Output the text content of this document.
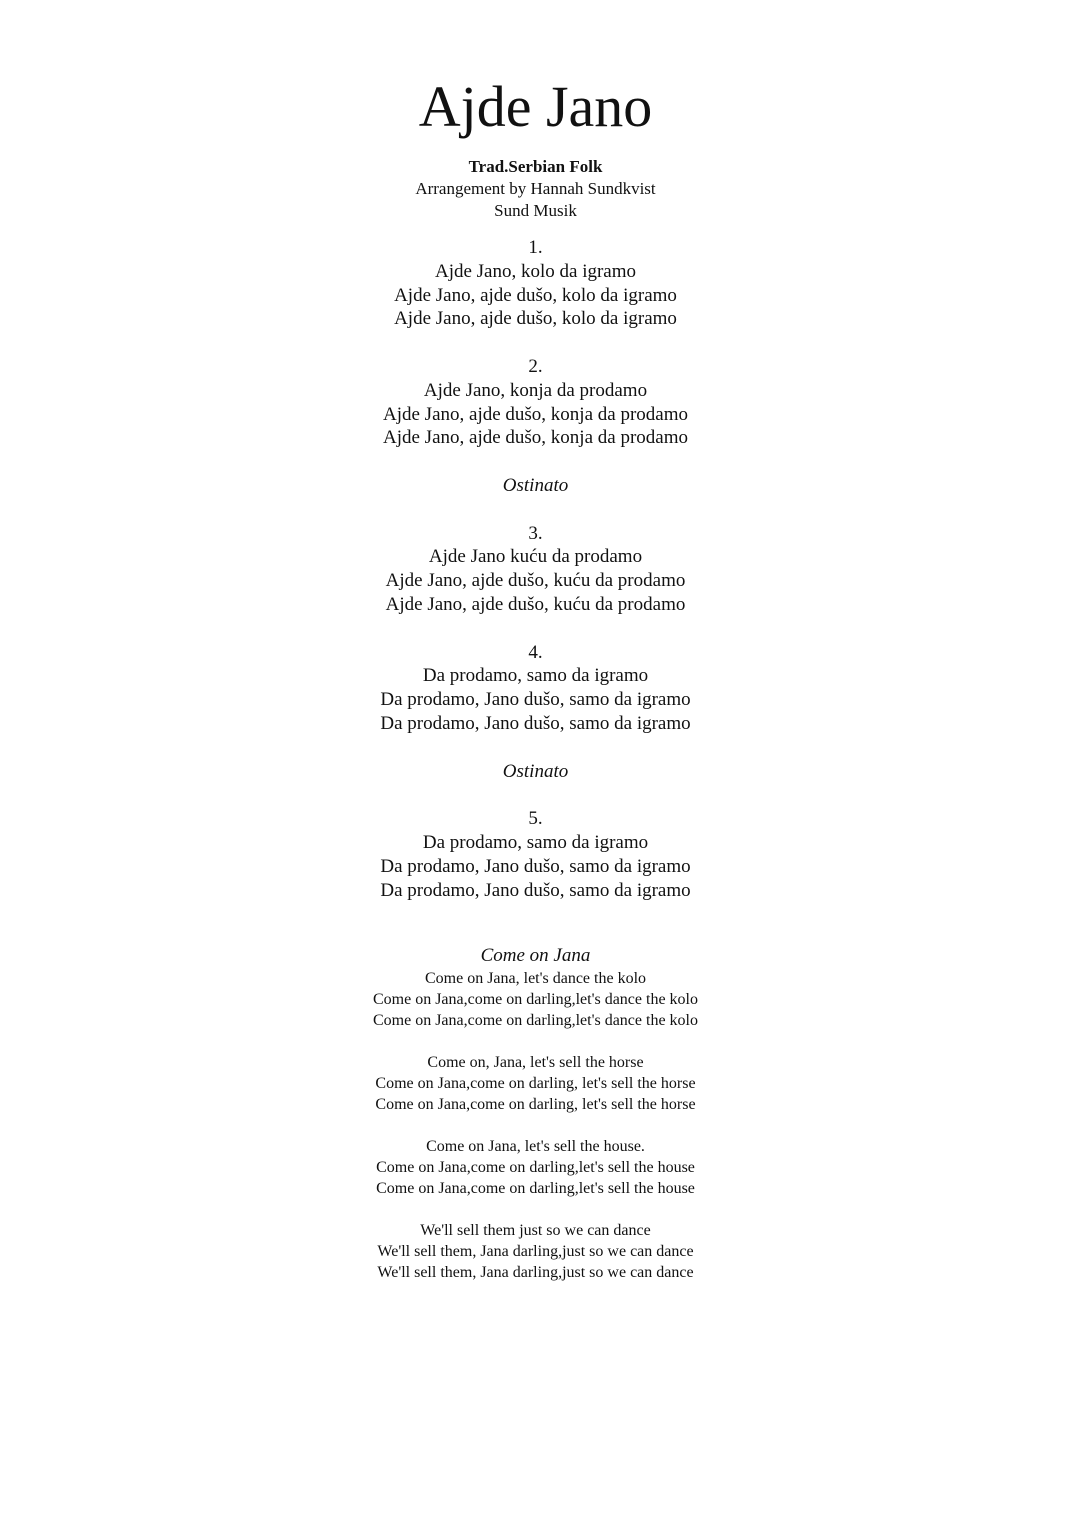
Ajde Jano
Trad.Serbian Folk
Arrangement by Hannah Sundkvist
Sund Musik
1.
Ajde Jano, kolo da igramo
Ajde Jano, ajde dušo, kolo da igramo
Ajde Jano, ajde dušo, kolo da igramo
2.
Ajde Jano, konja da prodamo
Ajde Jano, ajde dušo, konja da prodamo
Ajde Jano, ajde dušo, konja da prodamo
Ostinato
3.
Ajde Jano kuću da prodamo
Ajde Jano, ajde dušo, kuću da prodamo
Ajde Jano, ajde dušo, kuću da prodamo
4.
Da prodamo, samo da igramo
Da prodamo, Jano dušo, samo da igramo
Da prodamo, Jano dušo, samo da igramo
Ostinato
5.
Da prodamo, samo da igramo
Da prodamo, Jano dušo, samo da igramo
Da prodamo, Jano dušo, samo da igramo
Come on Jana
Come on Jana, let's dance the kolo
Come on Jana,come on darling,let's dance the kolo
Come on Jana,come on darling,let's dance the kolo
Come on, Jana, let's sell the horse
Come on Jana,come on darling, let's sell the horse
Come on Jana,come on darling, let's sell the horse
Come on Jana, let's sell the house.
Come on Jana,come on darling,let's sell the house
Come on Jana,come on darling,let's sell the house
We'll sell them just so we can dance
We'll sell them, Jana darling,just so we can dance
We'll sell them, Jana darling,just so we can dance
